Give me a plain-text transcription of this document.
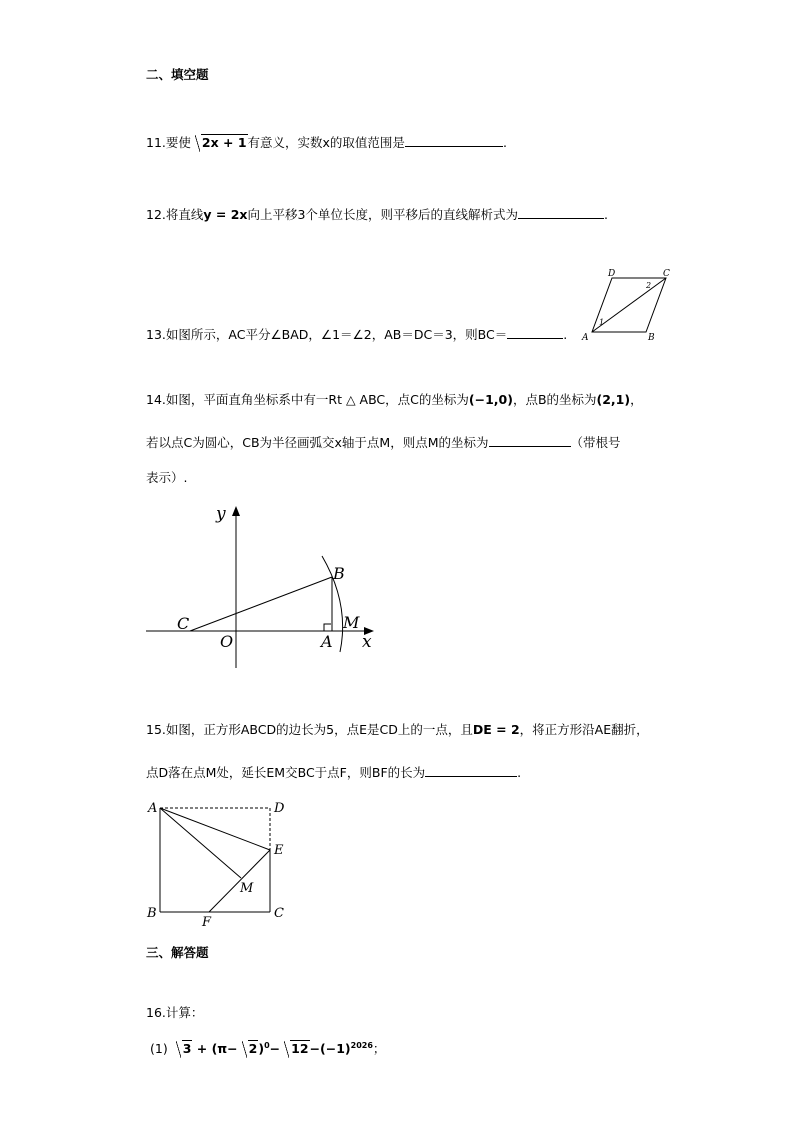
二、填空题
11.要使 2x + 1有意义，实数x的取值范围是	.
12.将直线y = 2x向上平移3个单位长度，则平移后的直线解析式为	.
13.如图所示，AC平分∠BAD，∠1＝∠2，AB＝DC＝3，则BC＝	.
D	C
A	B
1
2
14.如图，平面直角坐标系中有一Rt △ ABC，点C的坐标为(−1,0)，点B的坐标为(2,1)，
若以点C为圆心，CB为半径画弧交x轴于点M，则点M的坐标为	（带根号
表示）.
y
x
C
O	A
B
M
15.如图，正方形ABCD的边长为5，点E是CD上的一点，且DE = 2，将正方形沿AE翻折，
点D落在点M处，延长EM交BC于点F，则BF的长为	.
A	D
E
M
B	C
F
三、解答题
16.计算：
(1) $3 + (\pi- 2)^0- 12-(-1)^{2026}$；
